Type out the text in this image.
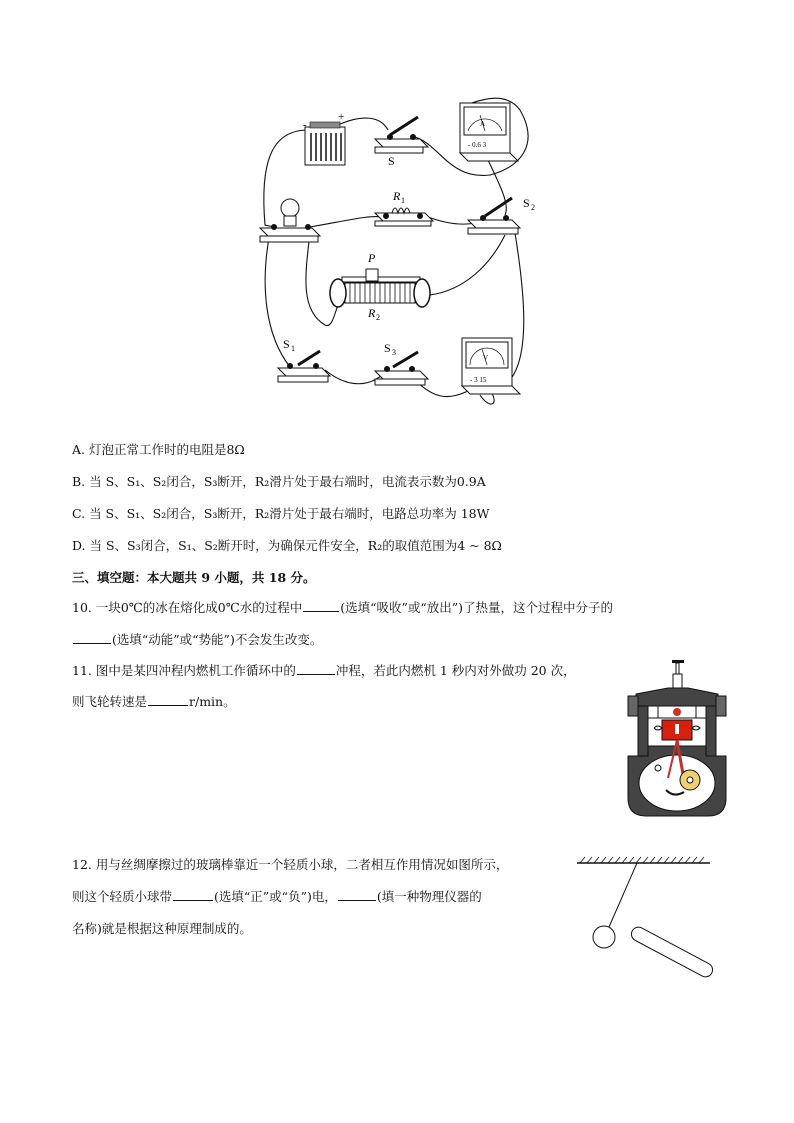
-
+
S
A
- 0.6 3
R 1	S 2
P
R 2
S 1	S 3
V
- 3 15
A. 灯泡正常工作时的电阻是8Ω
B. 当 S、S₁、S₂闭合，S₃断开，R₂滑片处于最右端时，电流表示数为0.9A
C. 当 S、S₁、S₂闭合，S₃断开，R₂滑片处于最右端时，电路总功率为 18W
D. 当 S、S₃闭合，S₁、S₂断开时，为确保元件安全，R₂的取值范围为4 ~ 8Ω
三、填空题：本大题共 9 小题，共 18 分。
10. 一块0℃的冰在熔化成0℃水的过程中	(选填“吸收”或“放出”)了热量，这个过程中分子的
(选填“动能”或“势能”)不会发生改变。
11. 图中是某四冲程内燃机工作循环中的	冲程，若此内燃机 1 秒内对外做功 20 次，
则飞轮转速是	r/min。
12. 用与丝绸摩擦过的玻璃棒靠近一个轻质小球，二者相互作用情况如图所示，
则这个轻质小球带	(选填“正”或“负”)电，	(填一种物理仪器的
名称)就是根据这种原理制成的。
